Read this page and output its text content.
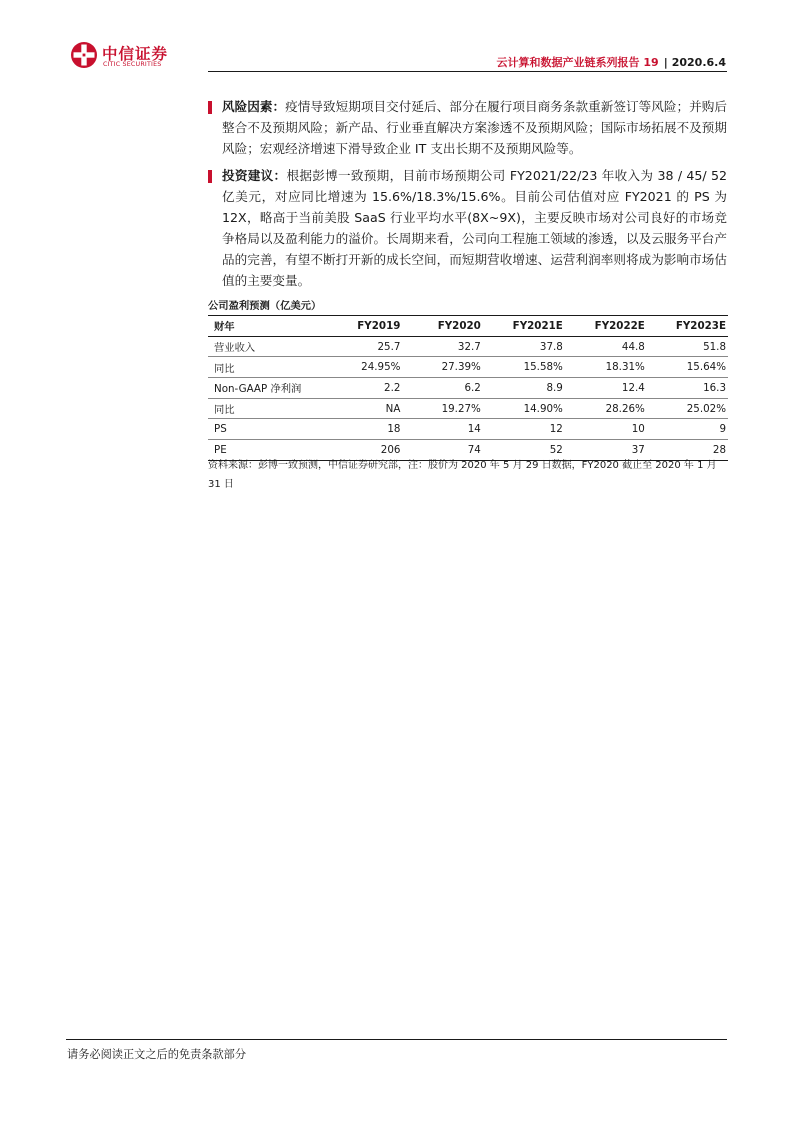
中信证券
CITIC SECURITIES	云计算和数据产业链系列报告 19 | 2020.6.4
风险因素：疫情导致短期项目交付延后、部分在履行项目商务条款重新签订等风险；并购后整合不及预期风险；新产品、行业垂直解决方案渗透不及预期风险；国际市场拓展不及预期风险；宏观经济增速下滑导致企业 IT 支出长期不及预期风险等。
投资建议：根据彭博一致预期，目前市场预期公司 FY2021/22/23 年收入为 38 / 45/ 52 亿美元，对应同比增速为 15.6%/18.3%/15.6%。目前公司估值对应 FY2021 的 PS 为 12X，略高于当前美股 SaaS 行业平均水平(8X~9X)，主要反映市场对公司良好的市场竞争格局以及盈利能力的溢价。长周期来看，公司向工程施工领域的渗透，以及云服务平台产品的完善，有望不断打开新的成长空间，而短期营收增速、运营利润率则将成为影响市场估值的主要变量。
公司盈利预测（亿美元）
财年	FY2019	FY2020	FY2021E	FY2022E	FY2023E
营业收入	25.7	32.7	37.8	44.8	51.8
同比	24.95%	27.39%	15.58%	18.31%	15.64%
Non-GAAP 净利润	2.2	6.2	8.9	12.4	16.3
同比	NA	19.27%	14.90%	28.26%	25.02%
PS	18	14	12	10	9
PE	206	74	52	37	28
资料来源：彭博一致预测，中信证券研究部，注：股价为 2020 年 5 月 29 日数据，FY2020 截止至 2020 年 1 月 31 日
请务必阅读正文之后的免责条款部分
